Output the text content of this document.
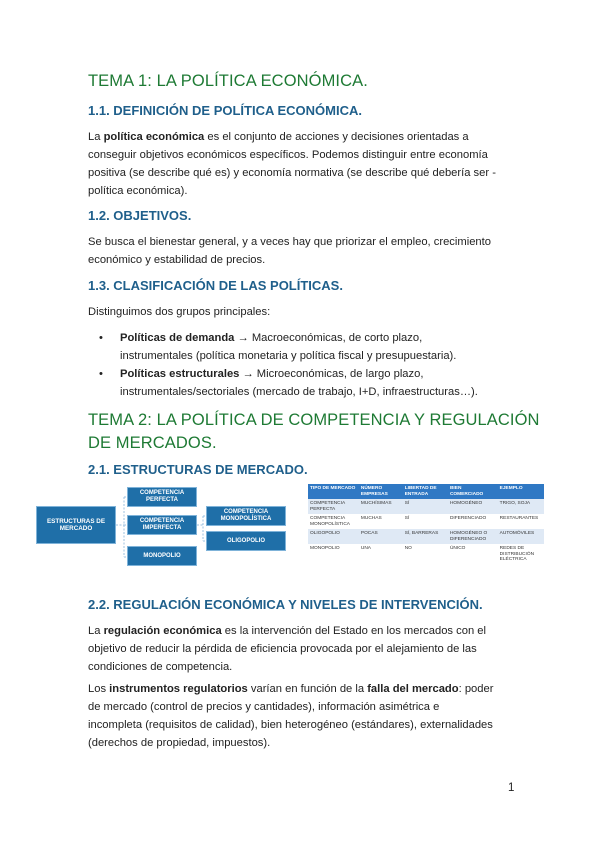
TEMA 1: LA POLÍTICA ECONÓMICA.
1.1. DEFINICIÓN DE POLÍTICA ECONÓMICA.
La política económica es el conjunto de acciones y decisiones orientadas a
conseguir objetivos económicos específicos. Podemos distinguir entre economía
positiva (se describe qué es) y economía normativa (se describe qué debería ser -
política económica).
1.2. OBJETIVOS.
Se busca el bienestar general, y a veces hay que priorizar el empleo, crecimiento
económico y estabilidad de precios.
1.3. CLASIFICACIÓN DE LAS POLÍTICAS.
Distinguimos dos grupos principales:
• Políticas de demanda → Macroeconómicas, de corto plazo,
instrumentales (política monetaria y política fiscal y presupuestaria).
• Políticas estructurales → Microeconómicas, de largo plazo,
instrumentales/sectoriales (mercado de trabajo, I+D, infraestructuras…).
TEMA 2: LA POLÍTICA DE COMPETENCIA Y REGULACIÓN
DE MERCADOS.
2.1. ESTRUCTURAS DE MERCADO.
ESTRUCTURAS DE MERCADO
COMPETENCIA PERFECTA
COMPETENCIA IMPERFECTA
MONOPOLIO
COMPETENCIA MONOPOLÍSTICA
OLIGOPOLIO
TIPO DE MERCADO	NÚMERO EMPRESAS	LIBERTAD DE ENTRADA	BIEN COMERCIADO	EJEMPLO
COMPETENCIA PERFECTA	MUCHÍSIMAS	SÍ	HOMOGÉNEO	TRIGO, SOJA
COMPETENCIA MONOPOLÍSTICA	MUCHAS	SÍ	DIFERENCIADO	RESTAURANTES
OLIGOPOLIO	POCAS	SÍ, BARRERAS	HOMOGÉNEO O DIFERENCIADO	AUTOMÓVILES
MONOPOLIO	UNA	NO	ÚNICO	REDES DE DISTRIBUCIÓN ELÉCTRICA
2.2. REGULACIÓN ECONÓMICA Y NIVELES DE INTERVENCIÓN.
La regulación económica es la intervención del Estado en los mercados con el
objetivo de reducir la pérdida de eficiencia provocada por el alejamiento de las
condiciones de competencia.
Los instrumentos regulatorios varían en función de la falla del mercado: poder
de mercado (control de precios y cantidades), información asimétrica e
incompleta (requisitos de calidad), bien heterogéneo (estándares), externalidades
(derechos de propiedad, impuestos).
1
